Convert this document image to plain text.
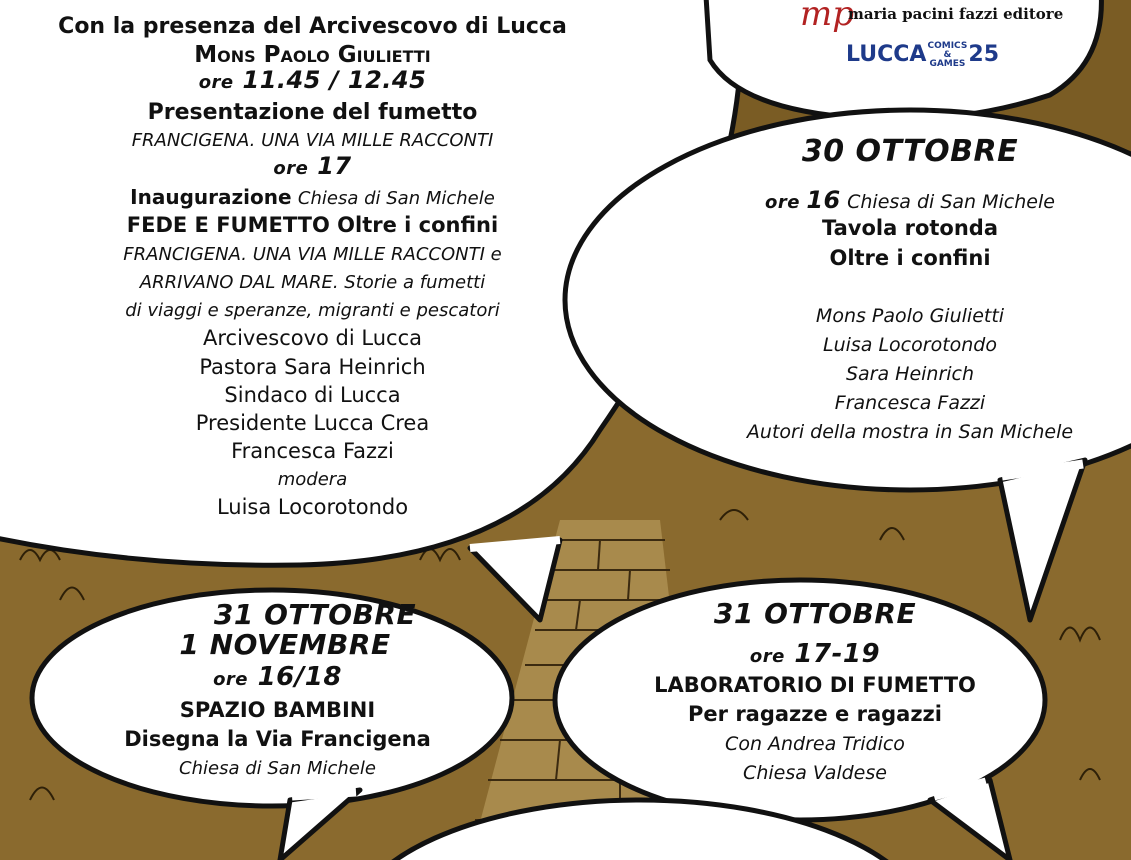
Con la presenza del Arcivescovo di Lucca
Mons Paolo Giulietti
ore 11.45 / 12.45
Presentazione del fumetto
FRANCIGENA. UNA VIA MILLE RACCONTI
ore 17
Inaugurazione Chiesa di San Michele
FEDE E FUMETTO Oltre i confini
FRANCIGENA. UNA VIA MILLE RACCONTI e
ARRIVANO DAL MARE. Storie a fumetti
di viaggi e speranze, migranti e pescatori
Arcivescovo di Lucca
Pastora Sara Heinrich
Sindaco di Lucca
Presidente Lucca Crea
Francesca Fazzi
modera
Luisa Locorotondo
mp
maria pacini fazzi editore
LUCCACOMICS & GAMES 25
30 OTTOBRE
ore 16 Chiesa di San Michele
Tavola rotonda
Oltre i confini
Mons Paolo Giulietti
Luisa Locorotondo
Sara Heinrich
Francesca Fazzi
Autori della mostra in San Michele
31 OTTOBRE
1 NOVEMBRE
ore 16/18
SPAZIO BAMBINI
Disegna la Via Francigena
Chiesa di San Michele
31 OTTOBRE
ore 17-19
LABORATORIO DI FUMETTO
Per ragazze e ragazzi
Con Andrea Tridico
Chiesa Valdese
